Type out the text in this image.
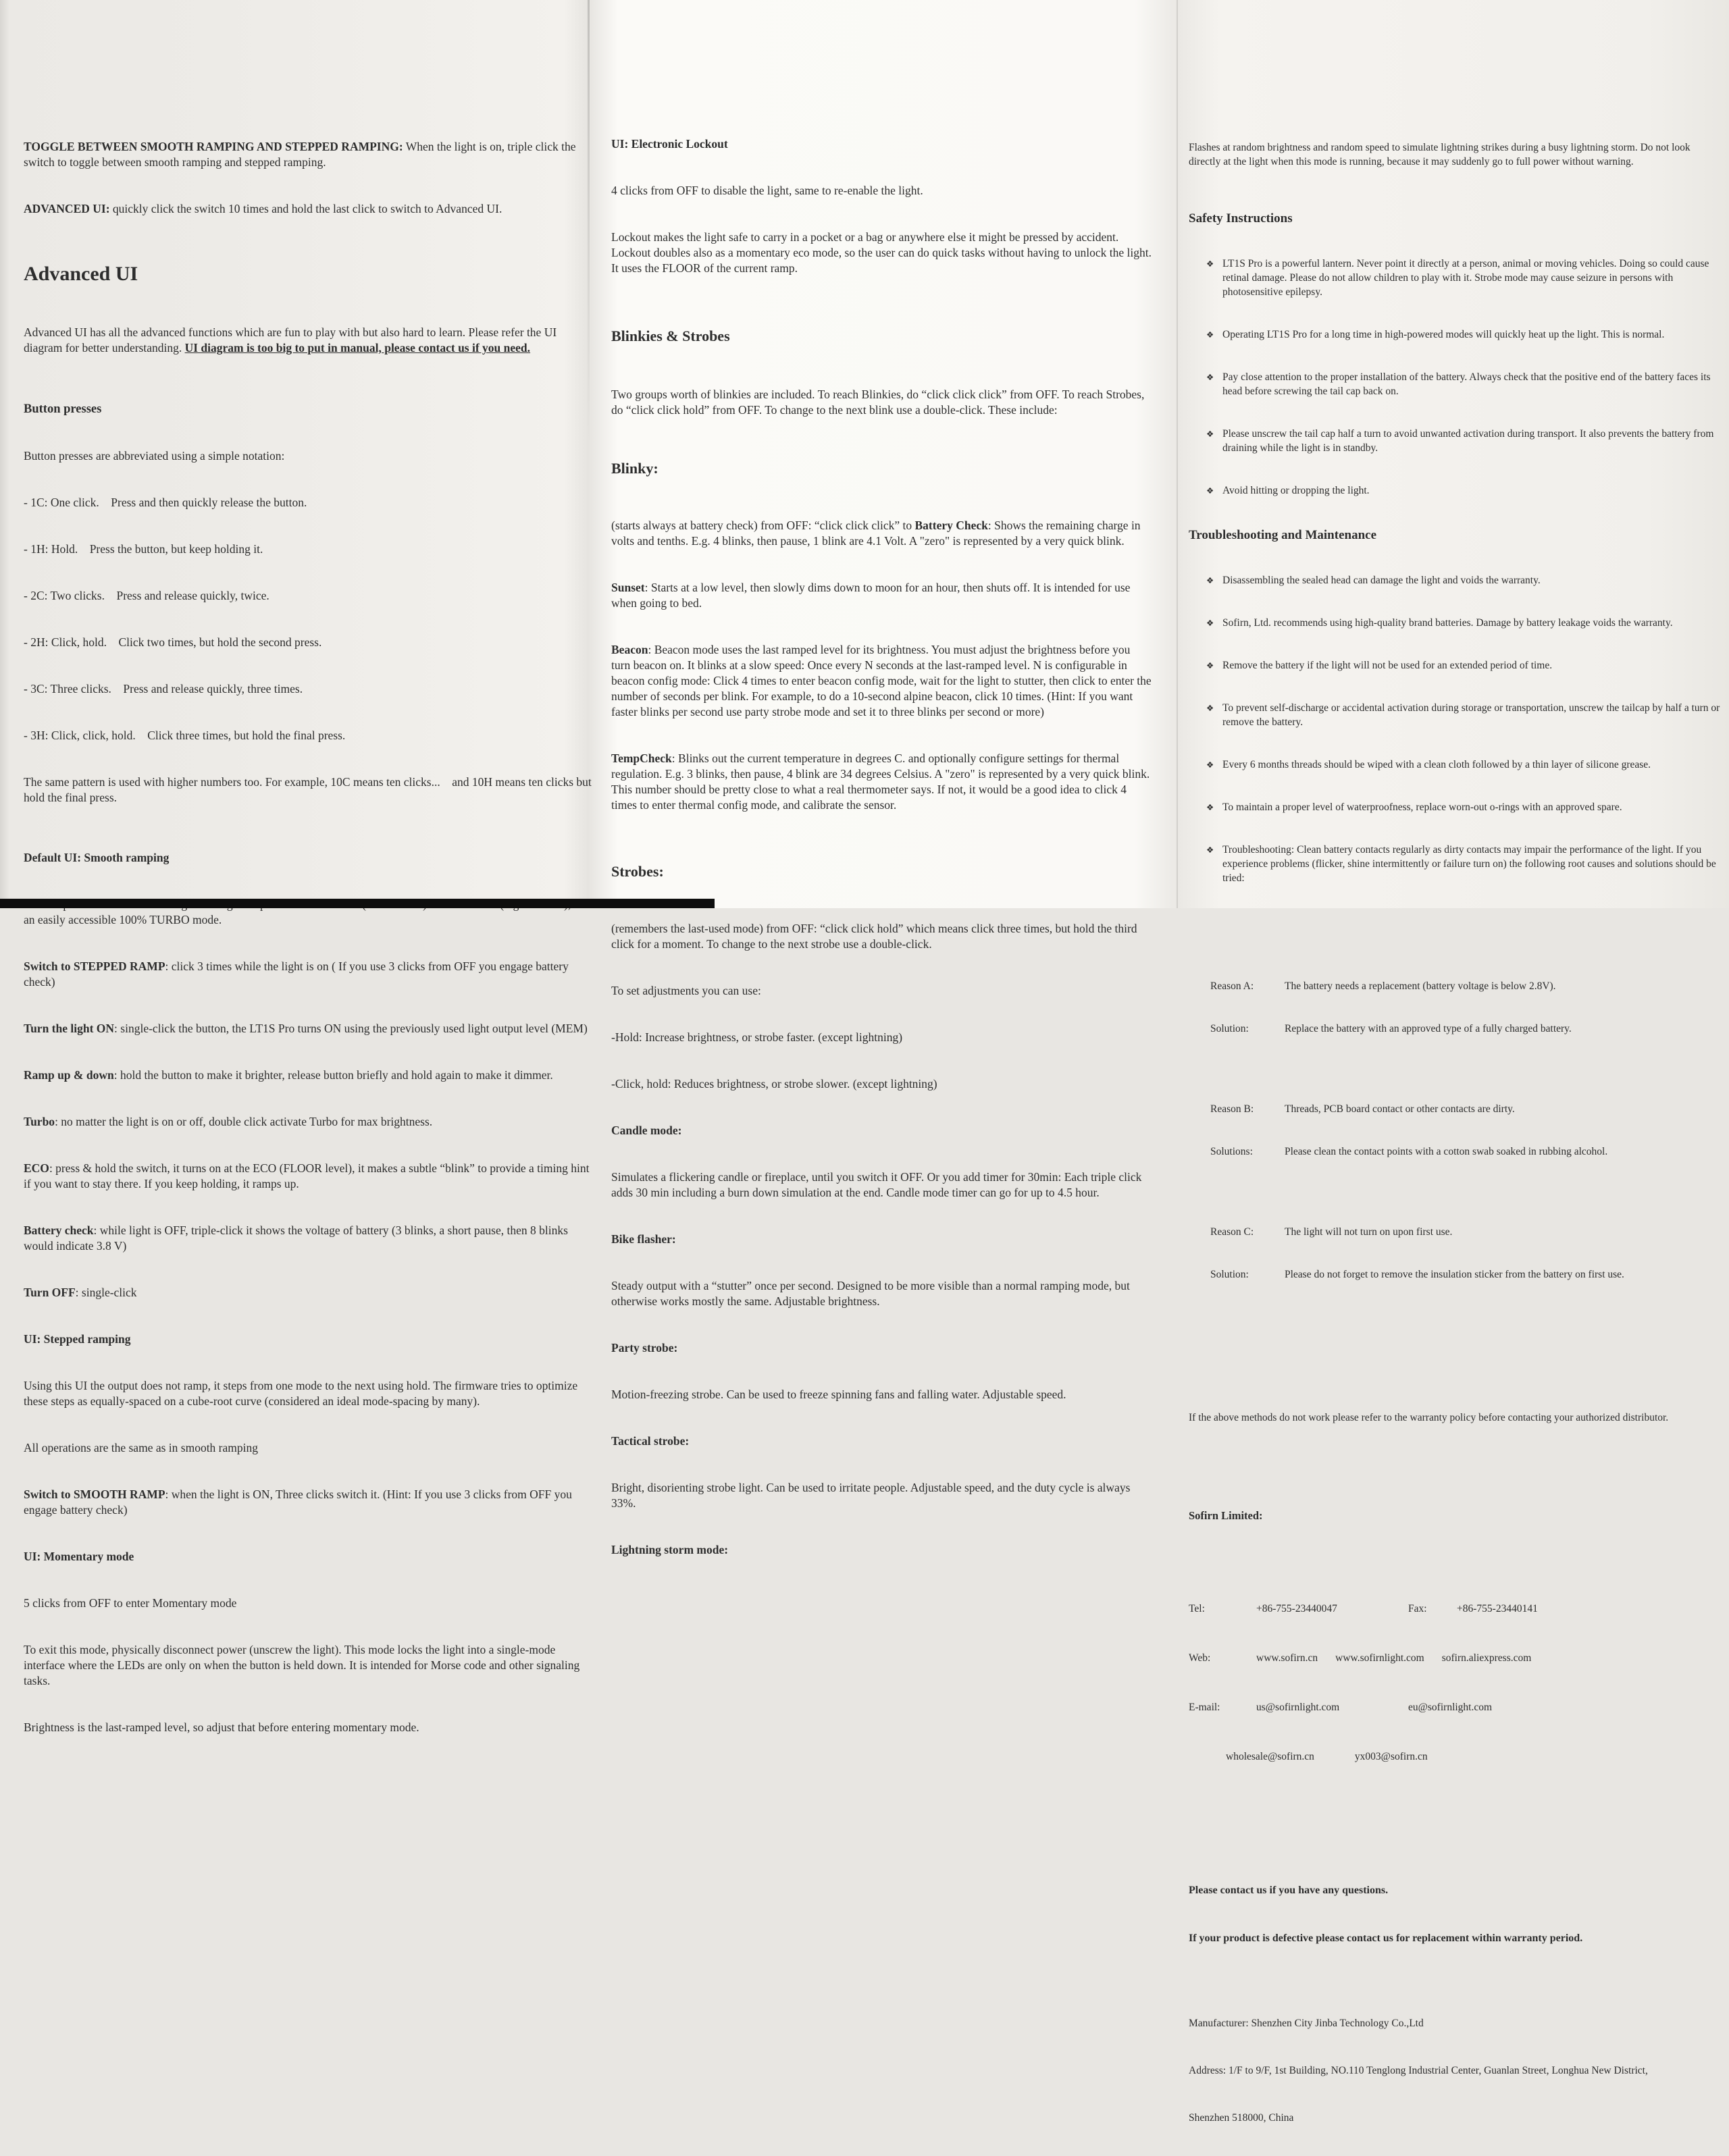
TOGGLE BETWEEN SMOOTH RAMPING AND STEPPED RAMPING: When the light is on, triple click the switch to toggle between smooth ramping and stepped ramping.

ADVANCED UI: quickly click the switch 10 times and hold the last click to switch to Advanced UI.

Advanced UI

Advanced UI has all the advanced functions which are fun to play with but also hard to learn. Please refer the UI diagram for better understanding. UI diagram is too big to put in manual, please contact us if you need.

Button presses

Button presses are abbreviated using a simple notation:

- 1C: One click.    Press and then quickly release the button.

- 1H: Hold.    Press the button, but keep holding it.

- 2C: Two clicks.    Press and release quickly, twice.

- 2H: Click, hold.    Click two times, but hold the second press.

- 3C: Three clicks.    Press and release quickly, three times.

- 3H: Click, click, hold.    Click three times, but hold the final press.

The same pattern is used with higher numbers too. For example, 10C means ten clicks...    and 10H means ten clicks but hold the final press.

Default UI: Smooth ramping

an easily accessible 100% TURBO mode.

Switch to STEPPED RAMP: click 3 times while the light is on ( If you use 3 clicks from OFF you engage battery check)

Turn the light ON: single-click the button, the LT1S Pro turns ON using the previously used light output level (MEM)

Ramp up & down: hold the button to make it brighter, release button briefly and hold again to make it dimmer.

Turbo: no matter the light is on or off, double click activate Turbo for max brightness.

ECO: press & hold the switch, it turns on at the ECO (FLOOR level), it makes a subtle “blink” to provide a timing hint if you want to stay there. If you keep holding, it ramps up.

Battery check: while light is OFF, triple-click it shows the voltage of battery (3 blinks, a short pause, then 8 blinks would indicate 3.8 V)

Turn OFF: single-click

UI: Stepped ramping

Using this UI the output does not ramp, it steps from one mode to the next using hold. The firmware tries to optimize these steps as equally-spaced on a cube-root curve (considered an ideal mode-spacing by many).

All operations are the same as in smooth ramping

Switch to SMOOTH RAMP: when the light is ON, Three clicks switch it. (Hint: If you use 3 clicks from OFF you engage battery check)

UI: Momentary mode

5 clicks from OFF to enter Momentary mode

To exit this mode, physically disconnect power (unscrew the light). This mode locks the light into a single-mode interface where the LEDs are only on when the button is held down. It is intended for Morse code and other signaling tasks.

Brightness is the last-ramped level, so adjust that before entering momentary mode.

UI: Electronic Lockout

4 clicks from OFF to disable the light, same to re-enable the light.

Lockout makes the light safe to carry in a pocket or a bag or anywhere else it might be pressed by accident. Lockout doubles also as a momentary eco mode, so the user can do quick tasks without having to unlock the light. It uses the FLOOR of the current ramp.

Blinkies & Strobes

Two groups worth of blinkies are included. To reach Blinkies, do “click click click” from OFF. To reach Strobes, do “click click hold” from OFF. To change to the next blink use a double-click. These include:

Blinky:

(starts always at battery check) from OFF: “click click click” to Battery Check: Shows the remaining charge in volts and tenths. E.g. 4 blinks, then pause, 1 blink are 4.1 Volt. A "zero" is represented by a very quick blink.

Sunset: Starts at a low level, then slowly dims down to moon for an hour, then shuts off. It is intended for use when going to bed.

Beacon: Beacon mode uses the last ramped level for its brightness. You must adjust the brightness before you turn beacon on. It blinks at a slow speed: Once every N seconds at the last-ramped level. N is configurable in beacon config mode: Click 4 times to enter beacon config mode, wait for the light to stutter, then click to enter the number of seconds per blink. For example, to do a 10-second alpine beacon, click 10 times. (Hint: If you want faster blinks per second use party strobe mode and set it to three blinks per second or more)

TempCheck: Blinks out the current temperature in degrees C. and optionally configure settings for thermal regulation. E.g. 3 blinks, then pause, 4 blink are 34 degrees Celsius. A "zero" is represented by a very quick blink. This number should be pretty close to what a real thermometer says. If not, it would be a good idea to click 4 times to enter thermal config mode, and calibrate the sensor.

Strobes:

(remembers the last-used mode) from OFF: “click click hold” which means click three times, but hold the third click for a moment. To change to the next strobe use a double-click.

To set adjustments you can use:

-Hold: Increase brightness, or strobe faster. (except lightning)

-Click, hold: Reduces brightness, or strobe slower. (except lightning)

Candle mode:

Simulates a flickering candle or fireplace, until you switch it OFF. Or you add timer for 30min: Each triple click adds 30 min including a burn down simulation at the end. Candle mode timer can go for up to 4.5 hour.

Bike flasher:

Steady output with a “stutter” once per second. Designed to be more visible than a normal ramping mode, but otherwise works mostly the same. Adjustable brightness.

Party strobe:

Motion-freezing strobe. Can be used to freeze spinning fans and falling water. Adjustable speed.

Tactical strobe:

Bright, disorienting strobe light. Can be used to irritate people. Adjustable speed, and the duty cycle is always 33%.

Lightning storm mode:

Flashes at random brightness and random speed to simulate lightning strikes during a busy lightning storm. Do not look directly at the light when this mode is running, because it may suddenly go to full power without warning.

Safety Instructions

❖ LT1S Pro is a powerful lantern. Never point it directly at a person, animal or moving vehicles. Doing so could cause retinal damage. Please do not allow children to play with it. Strobe mode may cause seizure in persons with photosensitive epilepsy.

❖ Operating LT1S Pro for a long time in high-powered modes will quickly heat up the light. This is normal.

❖ Pay close attention to the proper installation of the battery. Always check that the positive end of the battery faces its head before screwing the tail cap back on.

❖ Please unscrew the tail cap half a turn to avoid unwanted activation during transport. It also prevents the battery from draining while the light is in standby.

❖ Avoid hitting or dropping the light.

Troubleshooting and Maintenance

❖ Disassembling the sealed head can damage the light and voids the warranty.

❖ Sofirn, Ltd. recommends using high-quality brand batteries. Damage by battery leakage voids the warranty.

❖ Remove the battery if the light will not be used for an extended period of time.

❖ To prevent self-discharge or accidental activation during storage or transportation, unscrew the tailcap by half a turn or remove the battery.

❖ Every 6 months threads should be wiped with a clean cloth followed by a thin layer of silicone grease.

❖ To maintain a proper level of waterproofness, replace worn-out o-rings with an approved spare.

❖ Troubleshooting: Clean battery contacts regularly as dirty contacts may impair the performance of the light. If you experience problems (flicker, shine intermittently or failure turn on) the following root causes and solutions should be tried:

Reason A:	The battery needs a replacement (battery voltage is below 2.8V).

Solution:	Replace the battery with an approved type of a fully charged battery.

Reason B:	Threads, PCB board contact or other contacts are dirty.

Solutions:	Please clean the contact points with a cotton swab soaked in rubbing alcohol.

Reason C:	The light will not turn on upon first use.

Solution:	Please do not forget to remove the insulation sticker from the battery on first use.

If the above methods do not work please refer to the warranty policy before contacting your authorized distributor.

Sofirn Limited:

Tel:	+86-755-23440047	Fax:	+86-755-23440141

Web:	www.sofirn.cn www.sofirnlight.com sofirn.aliexpress.com

E-mail:	us@sofirnlight.com	eu@sofirnlight.com

wholesale@sofirn.cn	yx003@sofirn.cn

Please contact us if you have any questions.

If your product is defective please contact us for replacement within warranty period.

Manufacturer: Shenzhen City Jinba Technology Co.,Ltd

Address: 1/F to 9/F, 1st Building, NO.110 Tenglong Industrial Center, Guanlan Street, Longhua New District,

Shenzhen 518000, China
